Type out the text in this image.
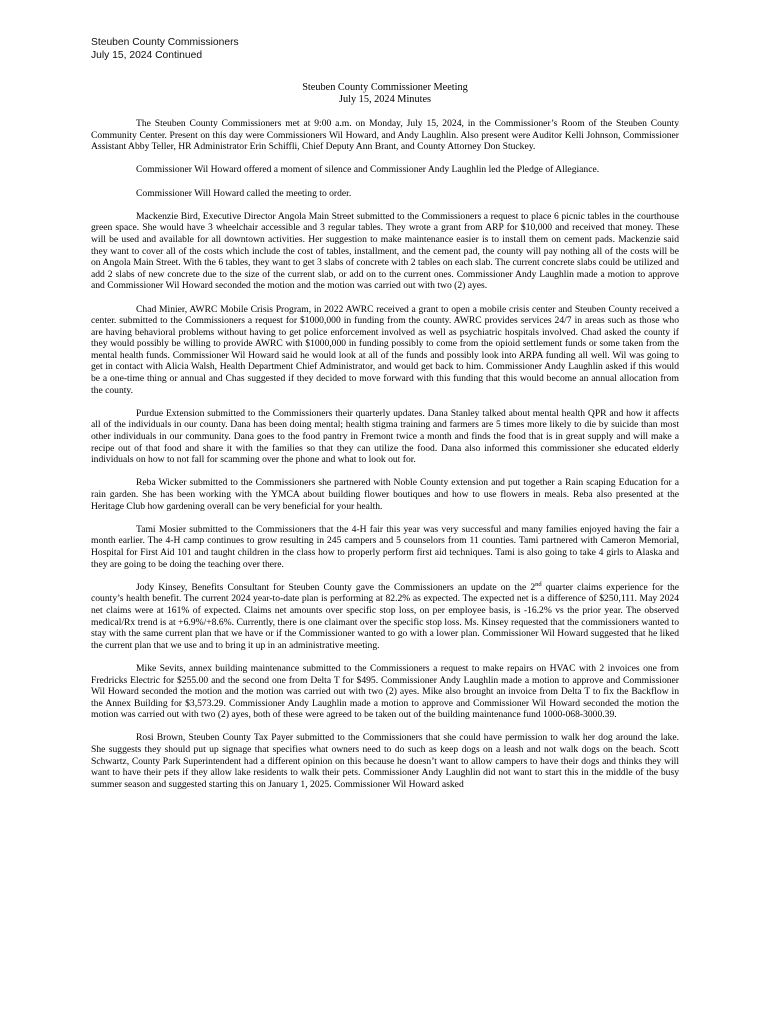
Steuben County Commissioners
July 15, 2024 Continued
Steuben County Commissioner Meeting
July 15, 2024 Minutes

The Steuben County Commissioners met at 9:00 a.m. on Monday, July 15, 2024, in the Commissioner’s Room of the Steuben County Community Center. Present on this day were Commissioners Wil Howard, and Andy Laughlin. Also present were Auditor Kelli Johnson, Commissioner Assistant Abby Teller, HR Administrator Erin Schiffli, Chief Deputy Ann Brant, and County Attorney Don Stuckey.

Commissioner Wil Howard offered a moment of silence and Commissioner Andy Laughlin led the Pledge of Allegiance.

Commissioner Will Howard called the meeting to order.

Mackenzie Bird, Executive Director Angola Main Street submitted to the Commissioners a request to place 6 picnic tables in the courthouse green space. She would have 3 wheelchair accessible and 3 regular tables. They wrote a grant from ARP for $10,000 and received that money. These will be used and available for all downtown activities. Her suggestion to make maintenance easier is to install them on cement pads. Mackenzie said they want to cover all of the costs which include the cost of tables, installment, and the cement pad, the county will pay nothing all of the costs will be on Angola Main Street. With the 6 tables, they want to get 3 slabs of concrete with 2 tables on each slab. The current concrete slabs could be utilized and add 2 slabs of new concrete due to the size of the current slab, or add on to the current ones. Commissioner Andy Laughlin made a motion to approve and Commissioner Wil Howard seconded the motion and the motion was carried out with two (2) ayes.

Chad Minier, AWRC Mobile Crisis Program, in 2022 AWRC received a grant to open a mobile crisis center and Steuben County received a center. submitted to the Commissioners a request for $1000,000 in funding from the county. AWRC provides services 24/7 in areas such as those who are having behavioral problems without having to get police enforcement involved as well as psychiatric hospitals involved. Chad asked the county if they would possibly be willing to provide AWRC with $1000,000 in funding possibly to come from the opioid settlement funds or some taken from the mental health funds. Commissioner Wil Howard said he would look at all of the funds and possibly look into ARPA funding all well. Wil was going to get in contact with Alicia Walsh, Health Department Chief Administrator, and would get back to him. Commissioner Andy Laughlin asked if this would be a one-time thing or annual and Chas suggested if they decided to move forward with this funding that this would become an annual allocation from the county.

Purdue Extension submitted to the Commissioners their quarterly updates. Dana Stanley talked about mental health QPR and how it affects all of the individuals in our county. Dana has been doing mental; health stigma training and farmers are 5 times more likely to die by suicide than most other individuals in our community. Dana goes to the food pantry in Fremont twice a month and finds the food that is in great supply and will make a recipe out of that food and share it with the families so that they can utilize the food. Dana also informed this commissioner she educated elderly individuals on how to not fall for scamming over the phone and what to look out for.

Reba Wicker submitted to the Commissioners she partnered with Noble County extension and put together a Rain scaping Education for a rain garden. She has been working with the YMCA about building flower boutiques and how to use flowers in meals. Reba also presented at the Heritage Club how gardening overall can be very beneficial for your health.

Tami Mosier submitted to the Commissioners that the 4-H fair this year was very successful and many families enjoyed having the fair a month earlier. The 4-H camp continues to grow resulting in 245 campers and 5 counselors from 11 counties. Tami partnered with Cameron Memorial, Hospital for First Aid 101 and taught children in the class how to properly perform first aid techniques. Tami is also going to take 4 girls to Alaska and they are going to be doing the teaching over there.

Jody Kinsey, Benefits Consultant for Steuben County gave the Commissioners an update on the 2nd quarter claims experience for the county’s health benefit. The current 2024 year-to-date plan is performing at 82.2% as expected. The expected net is a difference of $250,111. May 2024 net claims were at 161% of expected. Claims net amounts over specific stop loss, on per employee basis, is -16.2% vs the prior year. The observed medical/Rx trend is at +6.9%/+8.6%. Currently, there is one claimant over the specific stop loss. Ms. Kinsey requested that the commissioners wanted to stay with the same current plan that we have or if the Commissioner wanted to go with a lower plan. Commissioner Wil Howard suggested that he liked the current plan that we use and to bring it up in an administrative meeting.

Mike Sevits, annex building maintenance submitted to the Commissioners a request to make repairs on HVAC with 2 invoices one from Fredricks Electric for $255.00 and the second one from Delta T for $495. Commissioner Andy Laughlin made a motion to approve and Commissioner Wil Howard seconded the motion and the motion was carried out with two (2) ayes. Mike also brought an invoice from Delta T to fix the Backflow in the Annex Building for $3,573.29. Commissioner Andy Laughlin made a motion to approve and Commissioner Wil Howard seconded the motion the motion was carried out with two (2) ayes, both of these were agreed to be taken out of the building maintenance fund 1000-068-3000.39.

Rosi Brown, Steuben County Tax Payer submitted to the Commissioners that she could have permission to walk her dog around the lake. She suggests they should put up signage that specifies what owners need to do such as keep dogs on a leash and not walk dogs on the beach. Scott Schwartz, County Park Superintendent had a different opinion on this because he doesn’t want to allow campers to have their dogs and thinks they will want to have their pets if they allow lake residents to walk their pets. Commissioner Andy Laughlin did not want to start this in the middle of the busy summer season and suggested starting this on January 1, 2025. Commissioner Wil Howard asked
